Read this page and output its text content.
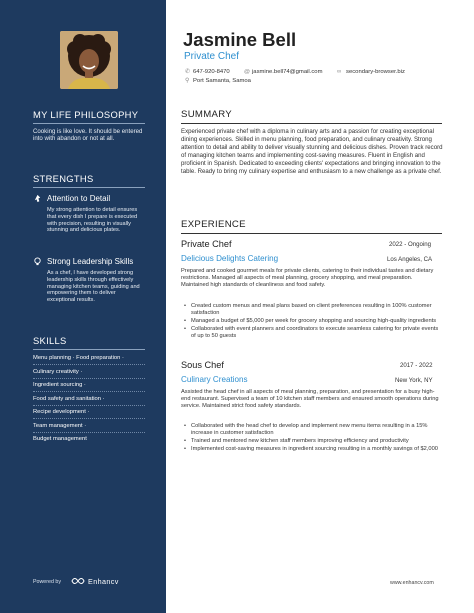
MY LIFE PHILOSOPHY
Cooking is like love. It should be entered into with abandon or not at all.
STRENGTHS
Attention to Detail
My strong attention to detail ensures that every dish I prepare is executed with precision, resulting in visually stunning and delicious plates.
Strong Leadership Skills
As a chef, I have developed strong leadership skills through effectively managing kitchen teams, guiding and empowering them to deliver exceptional results.
SKILLS
Menu planning · Food preparation ·
Culinary creativity ·
Ingredient sourcing ·
Food safety and sanitation ·
Recipe development ·
Team management ·
Budget management
Powered by	Enhancv
Jasmine Bell
Private Chef
✆ 647-920-8470 @ jasmine.bell74@gmail.com ∞ secondary-browser.biz
⚲ Port Samanta, Samoa
SUMMARY
Experienced private chef with a diploma in culinary arts and a passion for creating exceptional dining experiences. Skilled in menu planning, food preparation, and culinary creativity. Strong attention to detail and ability to deliver visually stunning and delicious dishes. Proven track record of managing kitchen teams and implementing cost-saving measures. Fluent in English and proficient in Spanish. Dedicated to exceeding clients' expectations and bringing innovation to the table. Ready to bring my culinary expertise and enthusiasm to a new challenge as a private chef.
EXPERIENCE
Private Chef	2022 - Ongoing
Delicious Delights Catering	Los Angeles, CA
Prepared and cooked gourmet meals for private clients, catering to their individual tastes and dietary restrictions. Managed all aspects of meal planning, grocery shopping, and meal preparation. Maintained high standards of cleanliness and food safety.
• Created custom menus and meal plans based on client preferences resulting in 100% customer satisfaction
• Managed a budget of $5,000 per week for grocery shopping and sourcing high-quality ingredients
• Collaborated with event planners and coordinators to execute seamless catering for private events of up to 50 guests
Sous Chef	2017 - 2022
Culinary Creations	New York, NY
Assisted the head chef in all aspects of meal planning, preparation, and presentation for a busy high-end restaurant. Supervised a team of 10 kitchen staff members and ensured smooth operations during service. Maintained strict food safety standards.
• Collaborated with the head chef to develop and implement new menu items resulting in a 15% increase in customer satisfaction
• Trained and mentored new kitchen staff members improving efficiency and productivity
• Implemented cost-saving measures in ingredient sourcing resulting in a monthly savings of $2,000
www.enhancv.com
